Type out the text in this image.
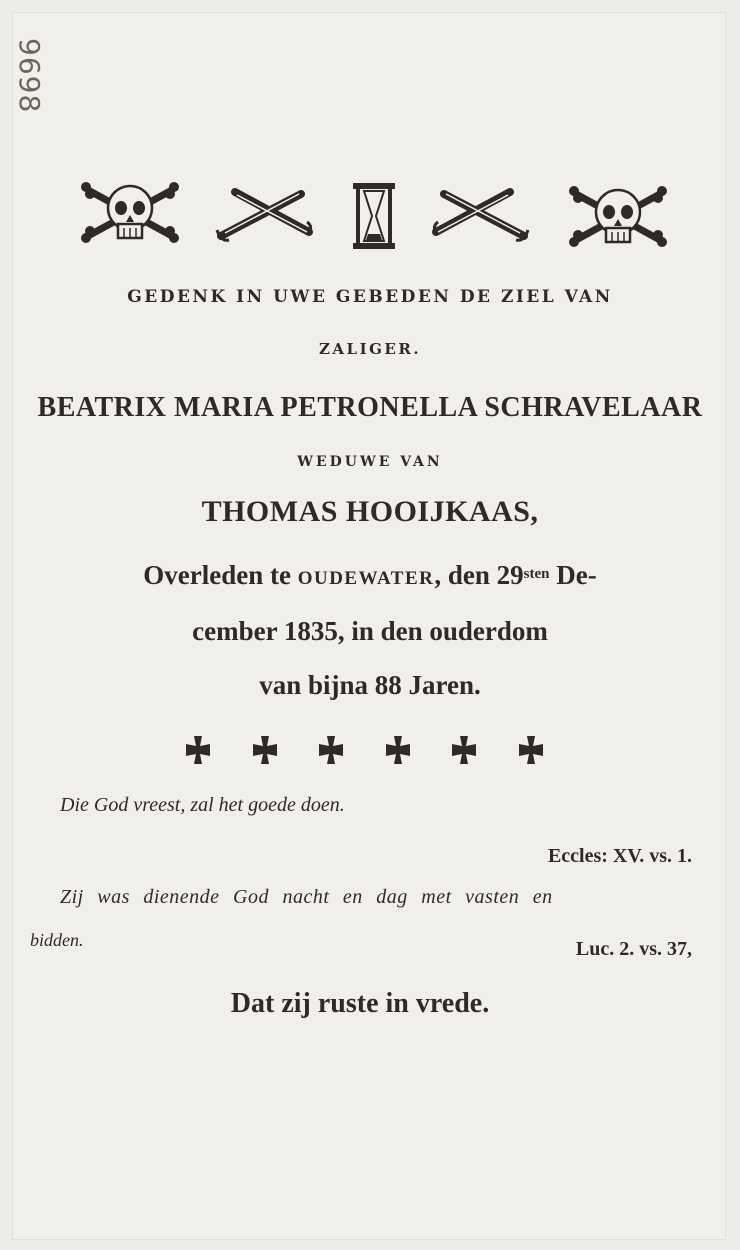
9698
GEDENK IN UWE GEBEDEN DE ZIEL VAN
ZALIGER.
BEATRIX MARIA PETRONELLA SCHRAVELAAR
WEDUWE VAN
THOMAS HOOIJKAAS,
Overleden te OUDEWATER, den $29^{sten}$ De-
cember 1835, in den ouderdom
van bijna 88 Jaren.
Die God vreest, zal het goede doen.
Eccles: XV. vs. 1.
Zij was dienende God nacht en dag met vasten en
bidden.	Luc. 2. vs. 37,
Dat zij ruste in vrede.
